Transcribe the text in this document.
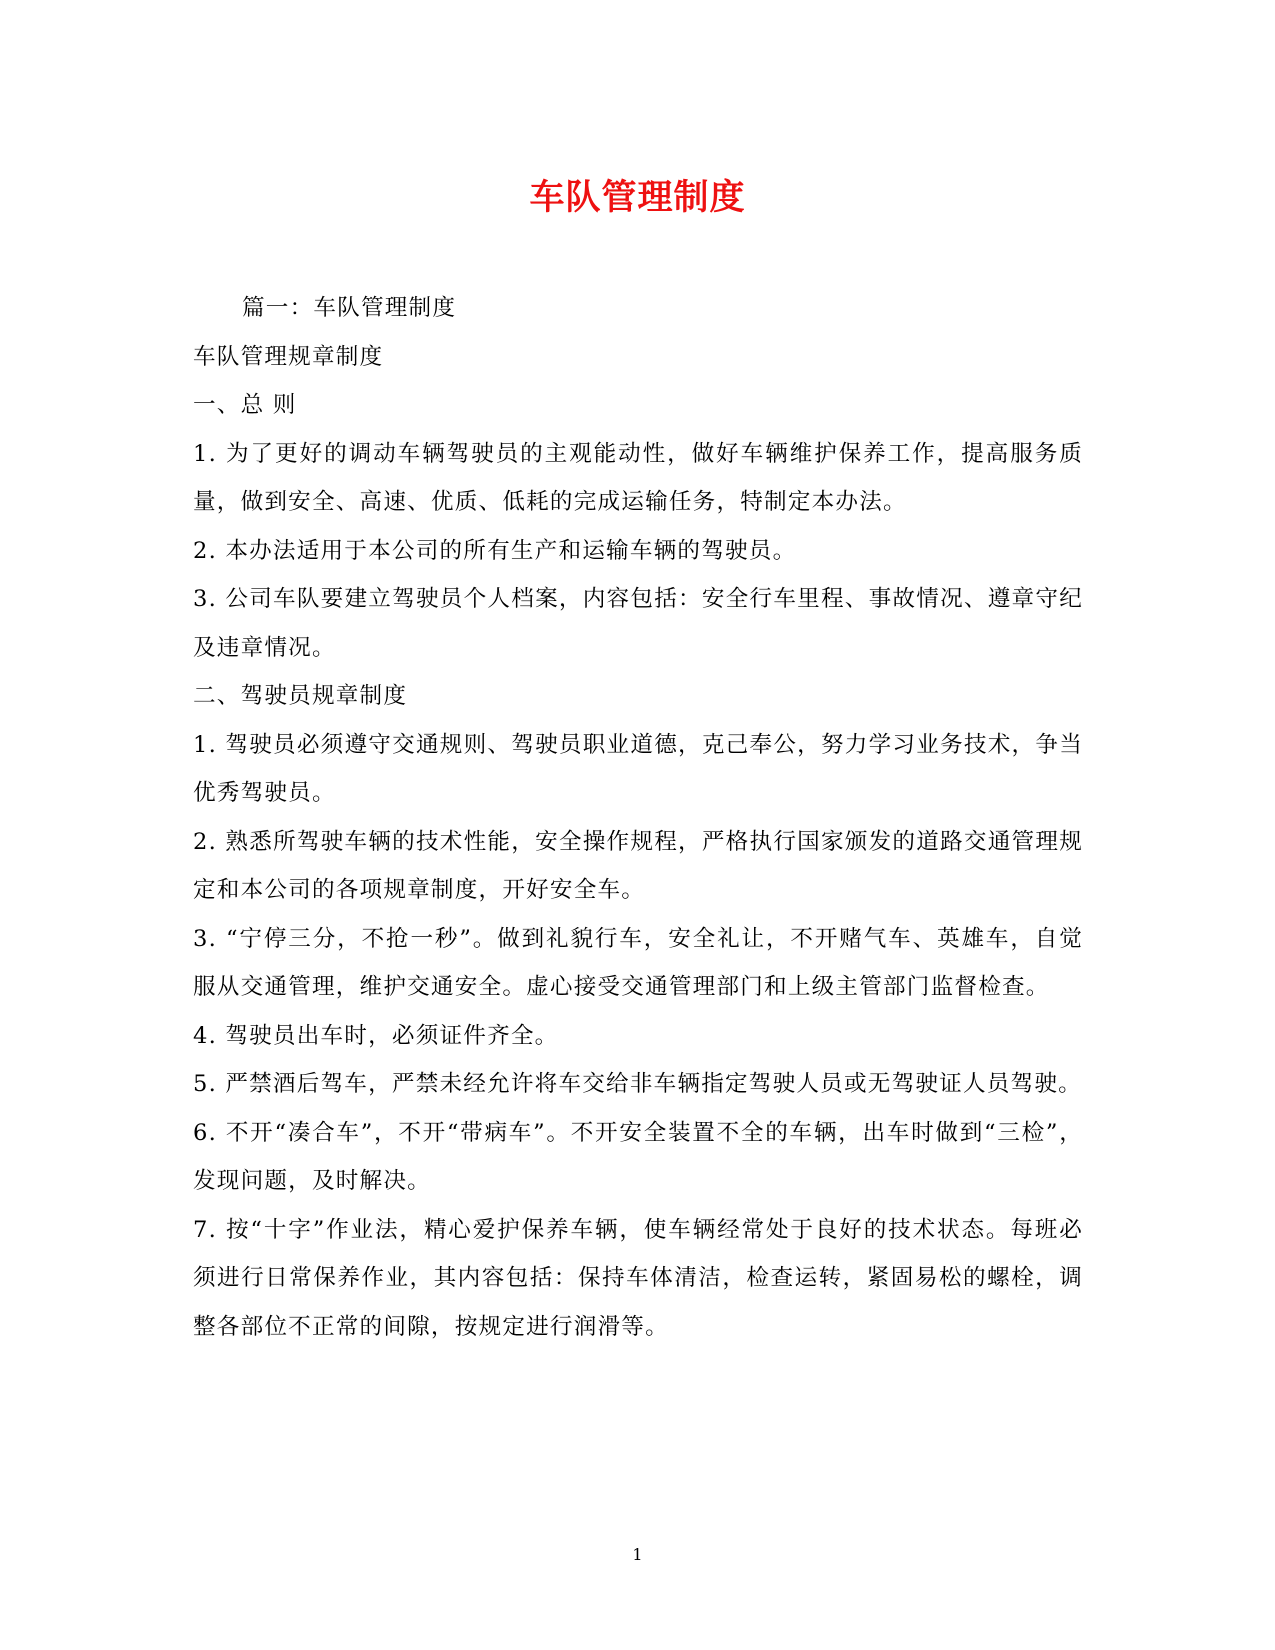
车队管理制度

篇一：车队管理制度

车队管理规章制度

一、总 则

1. 为了更好的调动车辆驾驶员的主观能动性，做好车辆维护保养工作，提高服务质量，做到安全、高速、优质、低耗的完成运输任务，特制定本办法。

2. 本办法适用于本公司的所有生产和运输车辆的驾驶员。

3. 公司车队要建立驾驶员个人档案，内容包括：安全行车里程、事故情况、遵章守纪及违章情况。

二、驾驶员规章制度

1. 驾驶员必须遵守交通规则、驾驶员职业道德，克己奉公，努力学习业务技术，争当优秀驾驶员。

2. 熟悉所驾驶车辆的技术性能，安全操作规程，严格执行国家颁发的道路交通管理规定和本公司的各项规章制度，开好安全车。

3. “宁停三分，不抢一秒”。做到礼貌行车，安全礼让，不开赌气车、英雄车，自觉服从交通管理，维护交通安全。虚心接受交通管理部门和上级主管部门监督检查。

4. 驾驶员出车时，必须证件齐全。

5. 严禁酒后驾车，严禁未经允许将车交给非车辆指定驾驶人员或无驾驶证人员驾驶。

6. 不开“凑合车”，不开“带病车”。不开安全装置不全的车辆，出车时做到“三检”，发现问题，及时解决。

7. 按“十字”作业法，精心爱护保养车辆，使车辆经常处于良好的技术状态。每班必须进行日常保养作业，其内容包括：保持车体清洁，检查运转，紧固易松的螺栓，调整各部位不正常的间隙，按规定进行润滑等。

1
